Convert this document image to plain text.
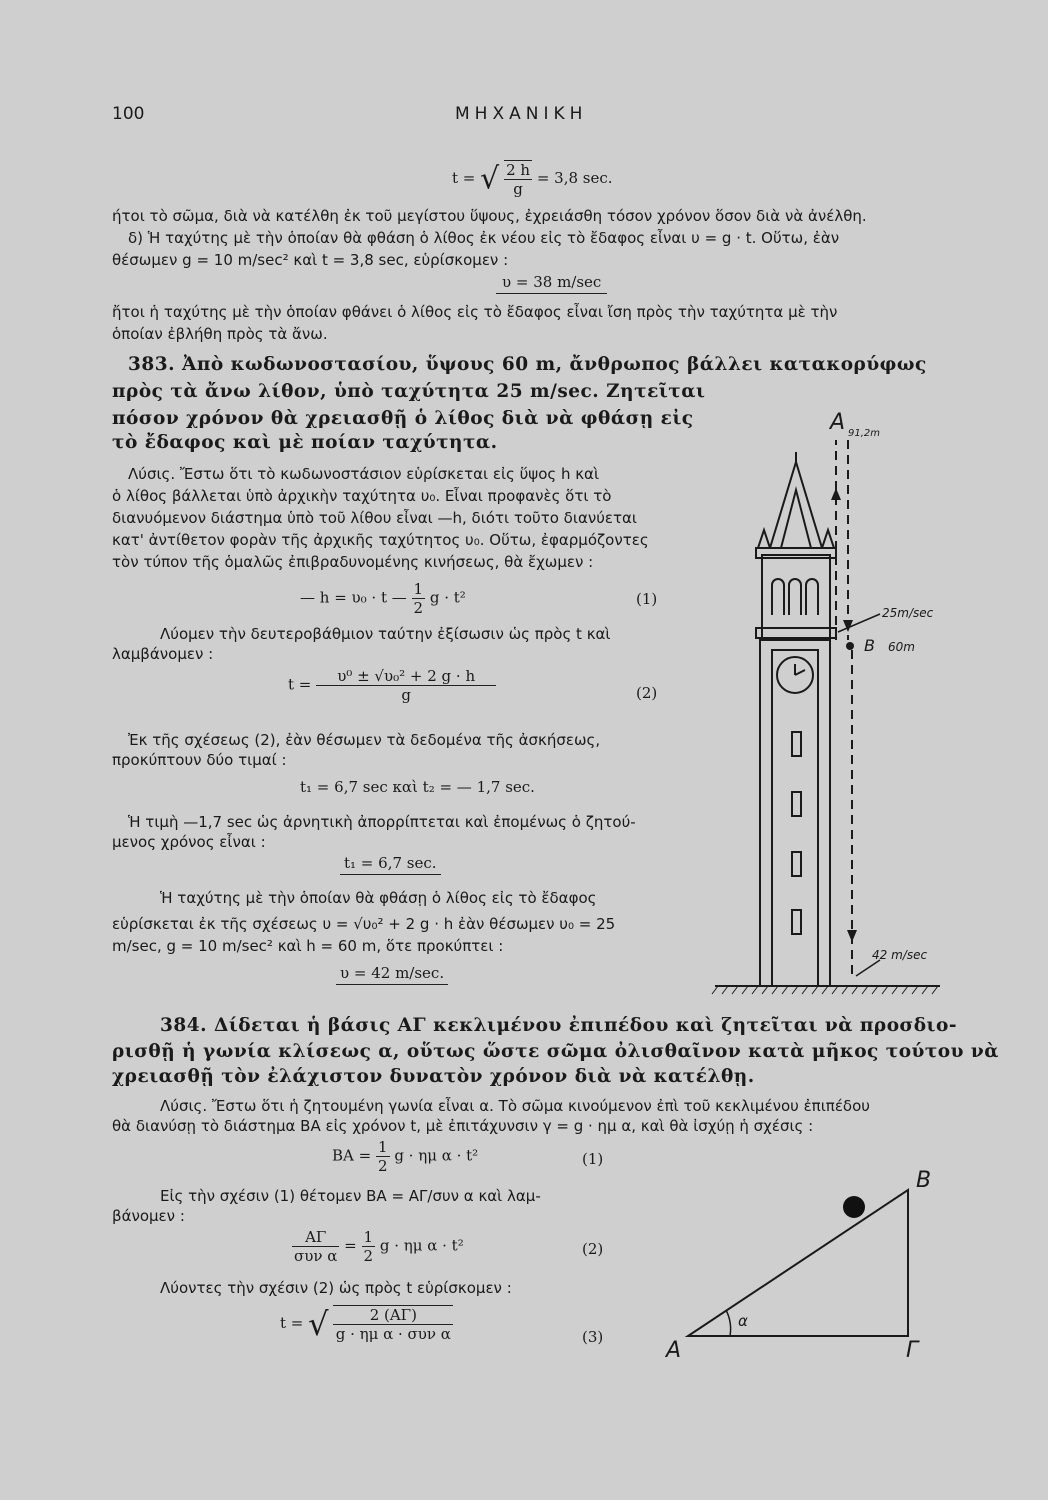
100	ΜΗΧΑΝΙΚΗ
t = √ $\frac{2 h}{g} = 3,8$ sec.
ήτοι τὸ σῶμα, διὰ νὰ κατέλθη ἐκ τοῦ μεγίστου ὕψους, ἐχρειάσθη τόσον χρόνον ὅσον διὰ νὰ ἀνέλθη.
δ) Ἡ ταχύτης μὲ τὴν ὁποίαν θὰ φθάση ὁ λίθος ἐκ νέου εἰς τὸ ἔδαφος εἶναι υ = g · t. Οὕτω, ἐὰν
θέσωμεν g = 10 m/sec² καὶ t = 3,8 sec, εὑρίσκομεν :
υ = 38 m/sec
ἤτοι ἡ ταχύτης μὲ τὴν ὁποίαν φθάνει ὁ λίθος εἰς τὸ ἔδαφος εἶναι ἴση πρὸς τὴν ταχύτητα μὲ τὴν
ὁποίαν ἐβλήθη πρὸς τὰ ἄνω.
383. Ἀπὸ κωδωνοστασίου, ὕψους 60 m, ἄνθρωπος βάλλει κατακορύφως
πρὸς τὰ ἄνω λίθον, ὑπὸ ταχύτητα 25 m/sec. Ζητεῖται
πόσον χρόνον θὰ χρειασθῇ ὁ λίθος διὰ νὰ φθάσῃ εἰς
τὸ ἔδαφος καὶ μὲ ποίαν ταχύτητα.
Λύσις. Ἔστω ὅτι τὸ κωδωνοστάσιον εὑρίσκεται εἰς ὕψος h καὶ
ὁ λίθος βάλλεται ὑπὸ ἀρχικὴν ταχύτητα υ₀. Εἶναι προφανὲς ὅτι τὸ
διανυόμενον διάστημα ὑπὸ τοῦ λίθου εἶναι —h, διότι τοῦτο διανύεται
κατ' ἀντίθετον φορὰν τῆς ἀρχικῆς ταχύτητος υ₀. Οὕτω, ἐφαρμόζοντες
τὸν τύπον τῆς ὁμαλῶς ἐπιβραδυνομένης κινήσεως, θὰ ἔχωμεν :
— h = υ₀ · t — $\frac{1}{2}$ g · t²	(1)
Λύομεν τὴν δευτεροβάθμιον ταύτην ἐξίσωσιν ὡς πρὸς t καὶ
λαμβάνομεν :
$t = \frac{\text{υ⁰ ± √υ₀² + 2 g · h}}{g}$	(2)
Ἐκ τῆς σχέσεως (2), ἐὰν θέσωμεν τὰ δεδομένα τῆς ἀσκήσεως,
προκύπτουν δύο τιμαί :
t₁ = 6,7 sec καὶ t₂ = — 1,7 sec.
Ἡ τιμὴ —1,7 sec ὡς ἀρνητικὴ ἀπορρίπτεται καὶ ἐπομένως ὁ ζητού-
μενος χρόνος εἶναι :
t₁ = 6,7 sec.
Ἡ ταχύτης μὲ τὴν ὁποίαν θὰ φθάσῃ ὁ λίθος εἰς τὸ ἔδαφος
εὑρίσκεται ἐκ τῆς σχέσεως υ = √υ₀² + 2 g · h ἐὰν θέσωμεν υ₀ = 25
m/sec, g = 10 m/sec² καὶ h = 60 m, ὅτε προκύπτει :
υ = 42 m/sec.
A 91,2m
25m/sec
B 60m
42 m/sec
384. Δίδεται ἡ βάσις ΑΓ κεκλιμένου ἐπιπέδου καὶ ζητεῖται νὰ προσδιο-
ρισθῇ ἡ γωνία κλίσεως α, οὕτως ὥστε σῶμα ὀλισθαῖνον κατὰ μῆκος τούτου νὰ
χρειασθῇ τὸν ἐλάχιστον δυνατὸν χρόνον διὰ νὰ κατέλθῃ.
Λύσις. Ἔστω ὅτι ἡ ζητουμένη γωνία εἶναι α. Τὸ σῶμα κινούμενον ἐπὶ τοῦ κεκλιμένου ἐπιπέδου
θὰ διανύσῃ τὸ διάστημα ΒΑ εἰς χρόνον t, μὲ ἐπιτάχυνσιν γ = g · ημ α, καὶ θὰ ἰσχύῃ ἡ σχέσις :
$BA = \frac{1}{2}$ g · ημ α · t²	(1)
Εἰς τὴν σχέσιν (1) θέτομεν ΒΑ = ΑΓ/συν α καὶ λαμ-
βάνομεν :
$\frac{A\Gamma}{\text{συν α}} = \frac{1}{2}$ g · ημ α · t²	(2)
Λύοντες τὴν σχέσιν (2) ὡς πρὸς t εὑρίσκομεν :
t = √ $\frac{2 (A\Gamma)}{\text{g · ημ α · συν α}}$	(3)
A
B
Γ
α
